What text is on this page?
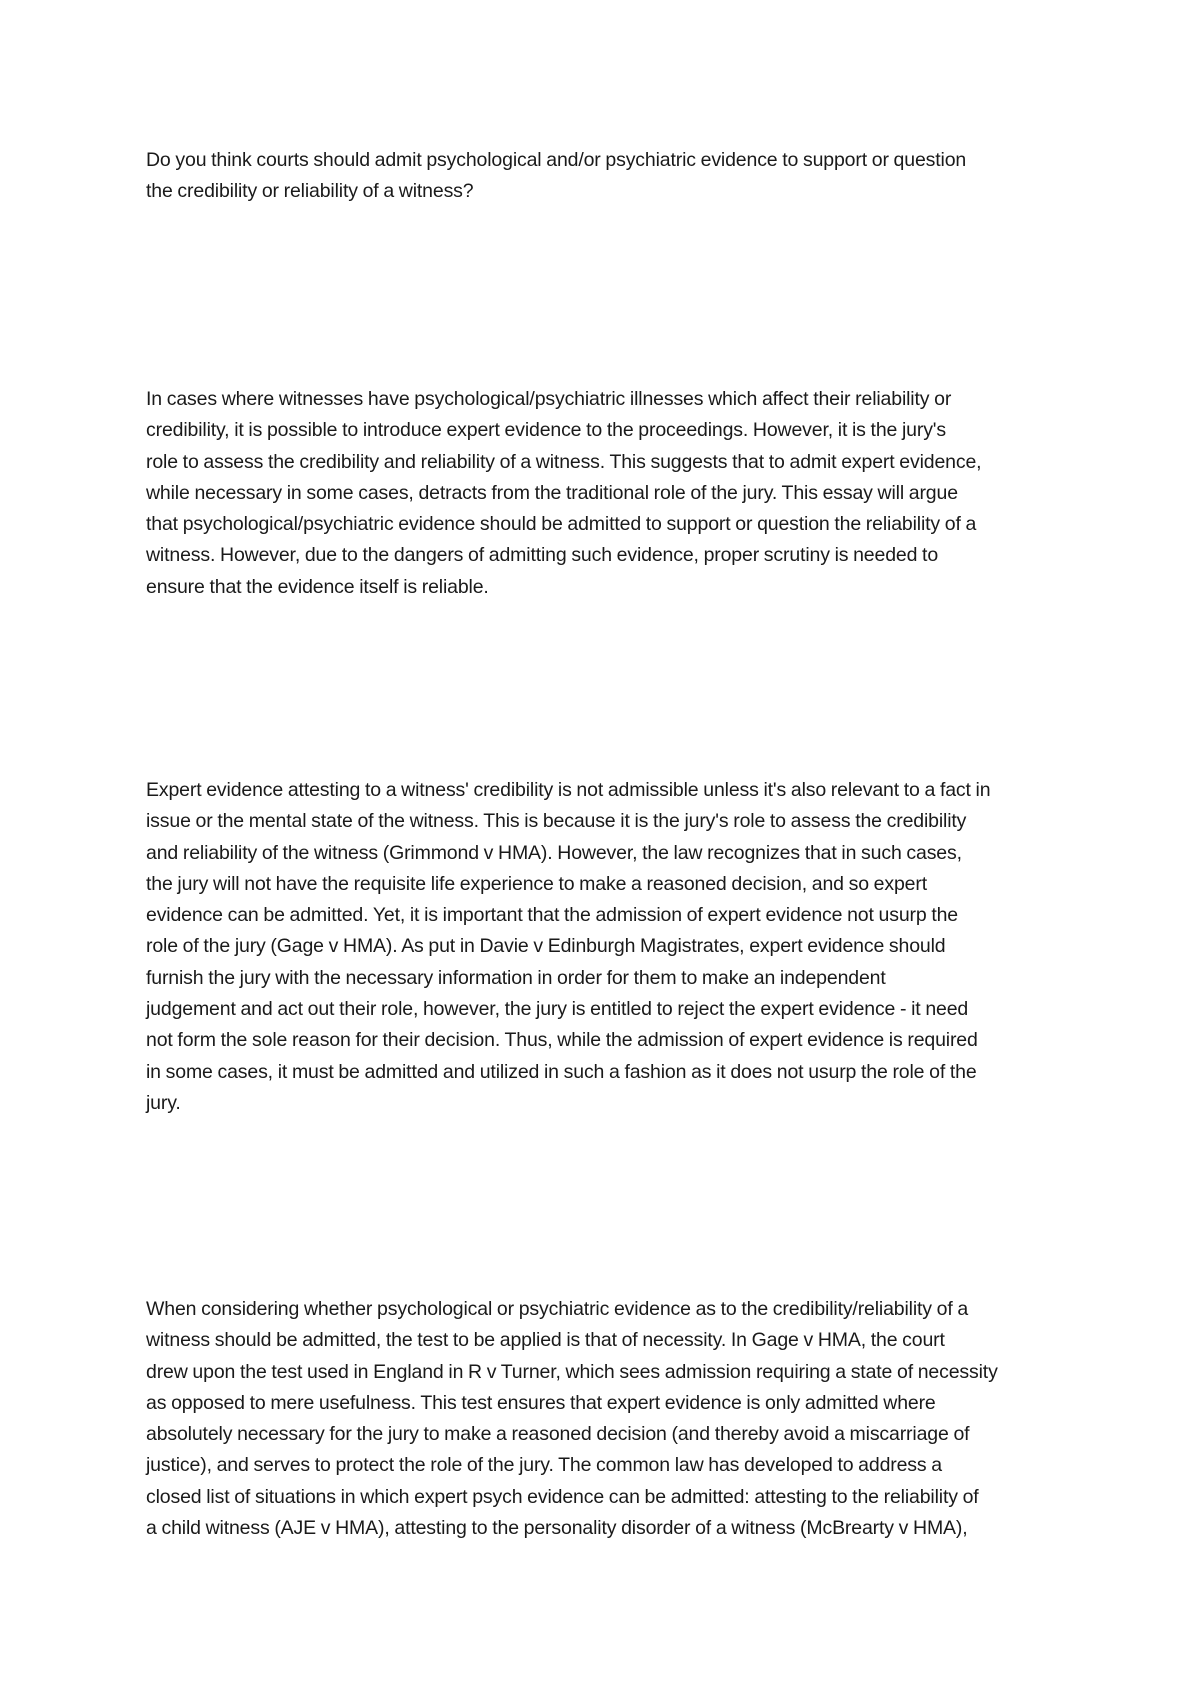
Do you think courts should admit psychological and/or psychiatric evidence to support or question
the credibility or reliability of a witness?

In cases where witnesses have psychological/psychiatric illnesses which affect their reliability or
credibility, it is possible to introduce expert evidence to the proceedings. However, it is the jury's
role to assess the credibility and reliability of a witness. This suggests that to admit expert evidence,
while necessary in some cases, detracts from the traditional role of the jury. This essay will argue
that psychological/psychiatric evidence should be admitted to support or question the reliability of a
witness. However, due to the dangers of admitting such evidence, proper scrutiny is needed to
ensure that the evidence itself is reliable.

Expert evidence attesting to a witness' credibility is not admissible unless it's also relevant to a fact in
issue or the mental state of the witness. This is because it is the jury's role to assess the credibility
and reliability of the witness (Grimmond v HMA). However, the law recognizes that in such cases,
the jury will not have the requisite life experience to make a reasoned decision, and so expert
evidence can be admitted. Yet, it is important that the admission of expert evidence not usurp the
role of the jury (Gage v HMA). As put in Davie v Edinburgh Magistrates, expert evidence should
furnish the jury with the necessary information in order for them to make an independent
judgement and act out their role, however, the jury is entitled to reject the expert evidence - it need
not form the sole reason for their decision. Thus, while the admission of expert evidence is required
in some cases, it must be admitted and utilized in such a fashion as it does not usurp the role of the
jury.

When considering whether psychological or psychiatric evidence as to the credibility/reliability of a
witness should be admitted, the test to be applied is that of necessity. In Gage v HMA, the court
drew upon the test used in England in R v Turner, which sees admission requiring a state of necessity
as opposed to mere usefulness. This test ensures that expert evidence is only admitted where
absolutely necessary for the jury to make a reasoned decision (and thereby avoid a miscarriage of
justice), and serves to protect the role of the jury. The common law has developed to address a
closed list of situations in which expert psych evidence can be admitted: attesting to the reliability of
a child witness (AJE v HMA), attesting to the personality disorder of a witness (McBrearty v HMA),
